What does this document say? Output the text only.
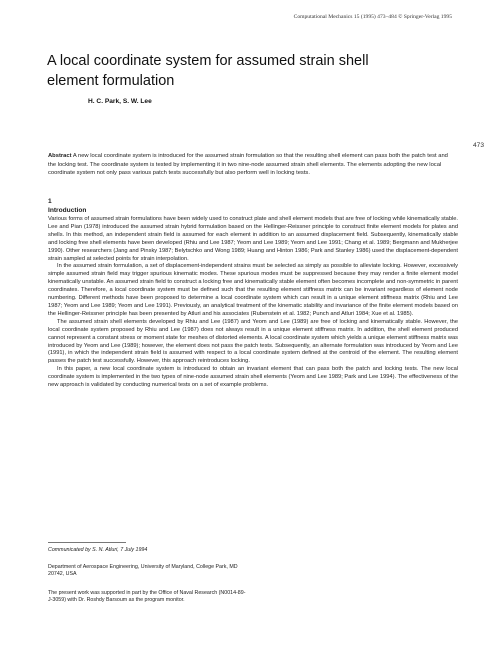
Computational Mechanics 15 (1995) 473–484 © Springer-Verlag 1995
A local coordinate system for assumed strain shell element formulation
H. C. Park, S. W. Lee
473

Abstract A new local coordinate system is introduced for the assumed strain formulation so that the resulting shell element can pass both the patch test and the locking test. The coordinate system is tested by implementing it in two nine-node assumed strain shell elements. The elements adopting the new local coordinate system not only pass various patch tests successfully but also perform well in locking tests.

1
Introduction

Various forms of assumed strain formulations have been widely used to construct plate and shell element models that are free of locking while kinematically stable. Lee and Pian (1978) introduced the assumed strain hybrid formulation based on the Hellinger-Reissner principle to construct finite element models for plates and shells. In this method, an independent strain field is assumed for each element in addition to an assumed displacement field. Subsequently, kinematically stable and locking free shell elements have been developed (Rhiu and Lee 1987; Yeom and Lee 1989; Yeom and Lee 1991; Chang et al. 1989; Bergmann and Mukherjee 1990). Other researchers (Jang and Pinsky 1987; Belytschko and Wong 1989; Huang and Hinton 1986; Park and Stanley 1986) used the displacement-dependent strain sampled at selected points for strain interpolation.

In the assumed strain formulation, a set of displacement-independent strains must be selected as simply as possible to alleviate locking. However, excessively simple assumed strain field may trigger spurious kinematic modes. These spurious modes must be suppressed because they may render a finite element model kinematically unstable. An assumed strain field to construct a locking free and kinematically stable element often becomes incomplete and non-symmetric in parent coordinates. Therefore, a local coordinate system must be defined such that the resulting element stiffness matrix can be invariant regardless of element node numbering. Different methods have been proposed to determine a local coordinate system which can result in a unique element stiffness matrix (Rhiu and Lee 1987; Yeom and Lee 1989; Yeom and Lee 1991). Previously, an analytical treatment of the kinematic stability and invariance of the finite element models based on the Hellinger-Reissner principle has been presented by Atluri and his associates (Rubenstein et al. 1982; Punch and Atluri 1984; Xue et al. 1985).

The assumed strain shell elements developed by Rhiu and Lee (1987) and Yeom and Lee (1989) are free of locking and kinematically stable. However, the local coordinate system proposed by Rhiu and Lee (1987) does not always result in a unique element stiffness matrix. In addition, the shell element produced cannot represent a constant stress or moment state for meshes of distorted elements. A local coordinate system which yields a unique element stiffness matrix was introduced by Yeom and Lee (1989); however, the element does not pass the patch tests. Subsequently, an alternate formulation was introduced by Yeom and Lee (1991), in which the independent strain field is assumed with respect to a local coordinate system defined at the centroid of the element. The resulting element passes the patch test successfully. However, this approach reintroduces locking.

In this paper, a new local coordinate system is introduced to obtain an invariant element that can pass both the patch and locking tests. The new local coordinate system is implemented in the two types of nine-node assumed strain shell elements (Yeom and Lee 1989; Park and Lee 1994). The effectiveness of the new approach is validated by conducting numerical tests on a set of example problems.

Communicated by S. N. Atluri, 7 July 1994

Department of Aerospace Engineering, University of Maryland, College Park, MD 20742, USA

The present work was supported in part by the Office of Naval Research (N0014-89-J-3059) with Dr. Roshdy Barsoum as the program monitor.
